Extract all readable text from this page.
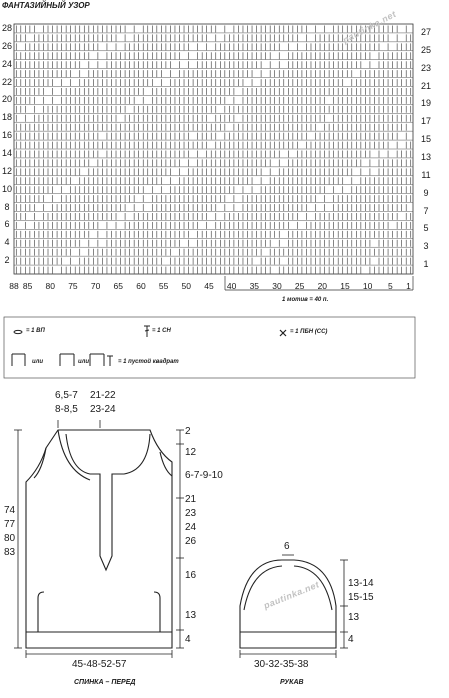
ФАНТАЗИЙНЫЙ УЗОР
28
26
24
22
20
18
16
14
12
10
8
6
4
2
27
25
23
21
19
17
15
13
11
9
7
5
3
1
88 85	80	75	70	65	60	55	50	45	40	35	30	25	20	15	10	5	1
1 мотив = 40 п.
pautinka.net
= 1 ВП	= 1 СН	= 1 ПБН (СС)
или	или	= 1 пустой квадрат
6,5-7
8-8,5
21-22
23-24
2
12
6-7-9-10
21
23
24
26
16
13
4
74
77
80
83
45-48-52-57
СПИНКА – ПЕРЕД
6
13-14
15-15
13
4
30-32-35-38
РУКАВ
pautinka.net
